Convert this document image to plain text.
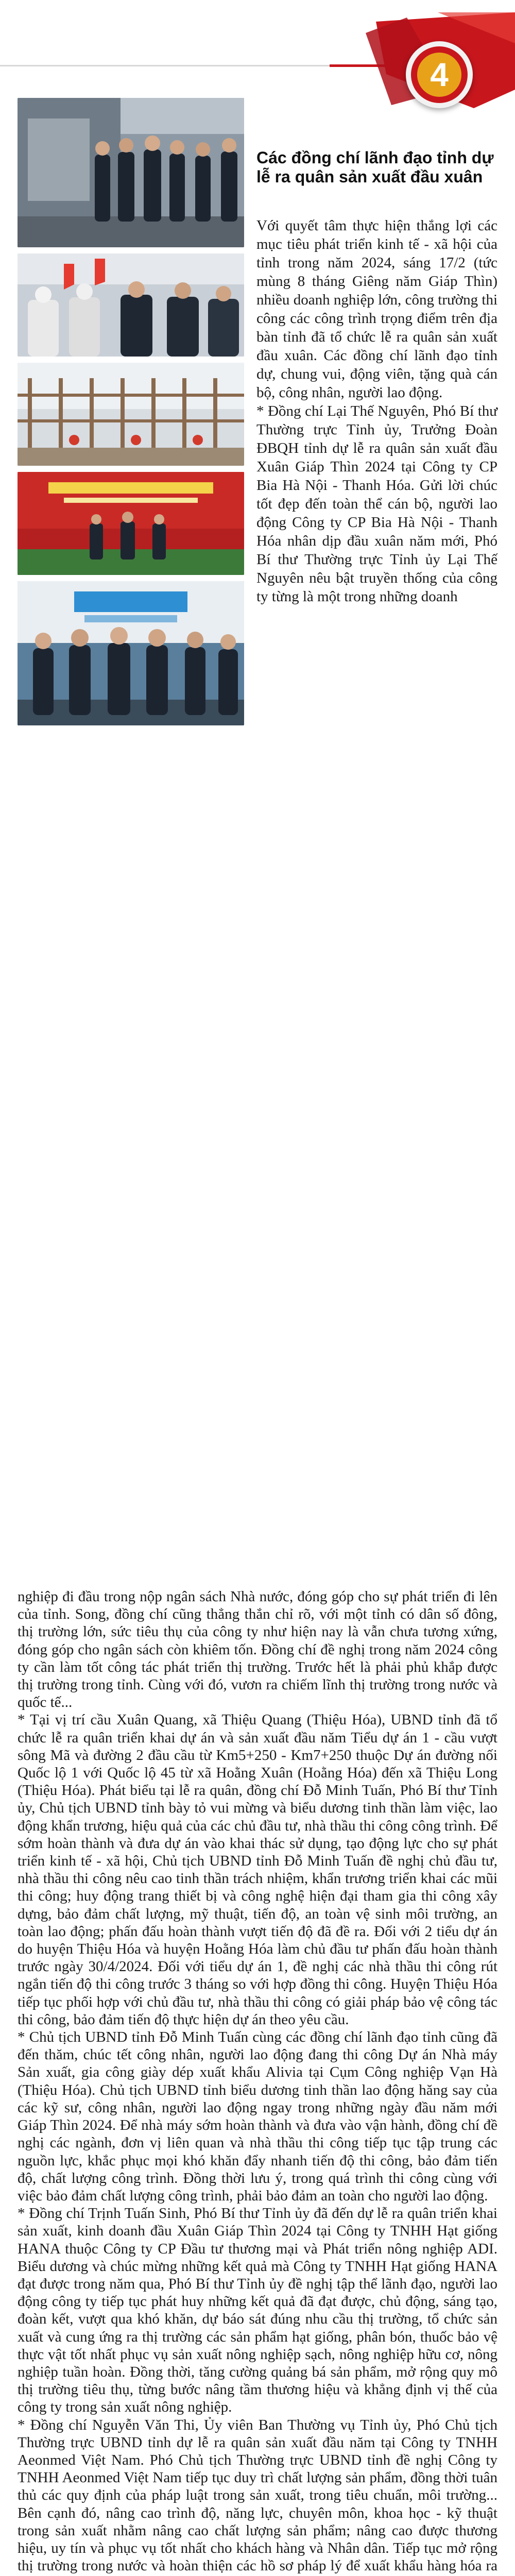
4
Các đồng chí lãnh đạo tỉnh dự lễ ra quân sản xuất đầu xuân

Với quyết tâm thực hiện thắng lợi các mục tiêu phát triển kinh tế - xã hội của tỉnh trong năm 2024, sáng 17/2 (tức mùng 8 tháng Giêng năm Giáp Thìn) nhiều doanh nghiệp lớn, công trường thi công các công trình trọng điểm trên địa bàn tỉnh đã tổ chức lễ ra quân sản xuất đầu xuân. Các đồng chí lãnh đạo tỉnh dự, chung vui, động viên, tặng quà cán bộ, công nhân, người lao động.

* Đồng chí Lại Thế Nguyên, Phó Bí thư Thường trực Tỉnh ủy, Trưởng Đoàn ĐBQH tỉnh dự lễ ra quân sản xuất đầu Xuân Giáp Thìn 2024 tại Công ty CP Bia Hà Nội - Thanh Hóa. Gửi lời chúc tốt đẹp đến toàn thể cán bộ, người lao động Công ty CP Bia Hà Nội - Thanh Hóa nhân dịp đầu xuân năm mới, Phó Bí thư Thường trực Tỉnh ủy Lại Thế Nguyên nêu bật truyền thống của công ty từng là một trong những doanh

nghiệp đi đầu trong nộp ngân sách Nhà nước, đóng góp cho sự phát triển đi lên của tỉnh. Song, đồng chí cũng thẳng thắn chỉ rõ, với một tỉnh có dân số đông, thị trường lớn, sức tiêu thụ của công ty như hiện nay là vẫn chưa tương xứng, đóng góp cho ngân sách còn khiêm tốn. Đồng chí đề nghị trong năm 2024 công ty cần làm tốt công tác phát triển thị trường. Trước hết là phải phủ khắp được thị trường trong tỉnh. Cùng với đó, vươn ra chiếm lĩnh thị trường trong nước và quốc tế...

* Tại vị trí cầu Xuân Quang, xã Thiệu Quang (Thiệu Hóa), UBND tỉnh đã tổ chức lễ ra quân triển khai dự án và sản xuất đầu năm Tiểu dự án 1 - cầu vượt sông Mã và đường 2 đầu cầu từ Km5+250 - Km7+250 thuộc Dự án đường nối Quốc lộ 1 với Quốc lộ 45 từ xã Hoằng Xuân (Hoằng Hóa) đến xã Thiệu Long (Thiệu Hóa). Phát biểu tại lễ ra quân, đồng chí Đỗ Minh Tuấn, Phó Bí thư Tỉnh ủy, Chủ tịch UBND tỉnh bày tỏ vui mừng và biểu dương tinh thần làm việc, lao động khẩn trương, hiệu quả của các chủ đầu tư, nhà thầu thi công công trình. Để sớm hoàn thành và đưa dự án vào khai thác sử dụng, tạo động lực cho sự phát triển kinh tế - xã hội, Chủ tịch UBND tỉnh Đỗ Minh Tuấn đề nghị chủ đầu tư, nhà thầu thi công nêu cao tinh thần trách nhiệm, khẩn trương triển khai các mũi thi công; huy động trang thiết bị và công nghệ hiện đại tham gia thi công xây dựng, bảo đảm chất lượng, mỹ thuật, tiến độ, an toàn vệ sinh môi trường, an toàn lao động; phấn đấu hoàn thành vượt tiến độ đã đề ra. Đối với 2 tiểu dự án do huyện Thiệu Hóa và huyện Hoằng Hóa làm chủ đầu tư phấn đấu hoàn thành trước ngày 30/4/2024. Đối với tiểu dự án 1, đề nghị các nhà thầu thi công rút ngắn tiến độ thi công trước 3 tháng so với hợp đồng thi công. Huyện Thiệu Hóa tiếp tục phối hợp với chủ đầu tư, nhà thầu thi công có giải pháp bảo vệ công tác thi công, bảo đảm tiến độ thực hiện dự án theo yêu cầu.

* Chủ tịch UBND tỉnh Đỗ Minh Tuấn cùng các đồng chí lãnh đạo tỉnh cũng đã đến thăm, chúc tết công nhân, người lao động đang thi công Dự án Nhà máy Sản xuất, gia công giày dép xuất khẩu Alivia tại Cụm Công nghiệp Vạn Hà (Thiệu Hóa). Chủ tịch UBND tỉnh biểu dương tinh thần lao động hăng say của các kỹ sư, công nhân, người lao động ngay trong những ngày đầu năm mới Giáp Thìn 2024. Để nhà máy sớm hoàn thành và đưa vào vận hành, đồng chí đề nghị các ngành, đơn vị liên quan và nhà thầu thi công tiếp tục tập trung các nguồn lực, khắc phục mọi khó khăn đẩy nhanh tiến độ thi công, bảo đảm tiến độ, chất lượng công trình. Đồng thời lưu ý, trong quá trình thi công cùng với việc bảo đảm chất lượng công trình, phải bảo đảm an toàn cho người lao động.

* Đồng chí Trịnh Tuấn Sinh, Phó Bí thư Tỉnh ủy đã đến dự lễ ra quân triển khai sản xuất, kinh doanh đầu Xuân Giáp Thìn 2024 tại Công ty TNHH Hạt giống HANA thuộc Công ty CP Đầu tư thương mại và Phát triển nông nghiệp ADI. Biểu dương và chúc mừng những kết quả mà Công ty TNHH Hạt giống HANA đạt được trong năm qua, Phó Bí thư Tỉnh ủy đề nghị tập thể lãnh đạo, người lao động công ty tiếp tục phát huy những kết quả đã đạt được, chủ động, sáng tạo, đoàn kết, vượt qua khó khăn, dự báo sát đúng nhu cầu thị trường, tổ chức sản xuất và cung ứng ra thị trường các sản phẩm hạt giống, phân bón, thuốc bảo vệ thực vật tốt nhất phục vụ sản xuất nông nghiệp sạch, nông nghiệp hữu cơ, nông nghiệp tuần hoàn. Đồng thời, tăng cường quảng bá sản phẩm, mở rộng quy mô thị trường tiêu thụ, từng bước nâng tầm thương hiệu và khẳng định vị thế của công ty trong sản xuất nông nghiệp.

* Đồng chí Nguyễn Văn Thi, Ủy viên Ban Thường vụ Tỉnh ủy, Phó Chủ tịch Thường trực UBND tỉnh dự lễ ra quân sản xuất đầu năm tại Công ty TNHH Aeonmed Việt Nam. Phó Chủ tịch Thường trực UBND tỉnh đề nghị Công ty TNHH Aeonmed Việt Nam tiếp tục duy trì chất lượng sản phẩm, đồng thời tuân thủ các quy định của pháp luật trong sản xuất, trong tiêu chuẩn, môi trường... Bên cạnh đó, nâng cao trình độ, năng lực, chuyên môn, khoa học - kỹ thuật trong sản xuất nhằm nâng cao chất lượng sản phẩm; nâng cao được thương hiệu, uy tín và phục vụ tốt nhất cho khách hàng và Nhân dân. Tiếp tục mở rộng thị trường trong nước và hoàn thiện các hồ sơ pháp lý để xuất khẩu hàng hóa ra
